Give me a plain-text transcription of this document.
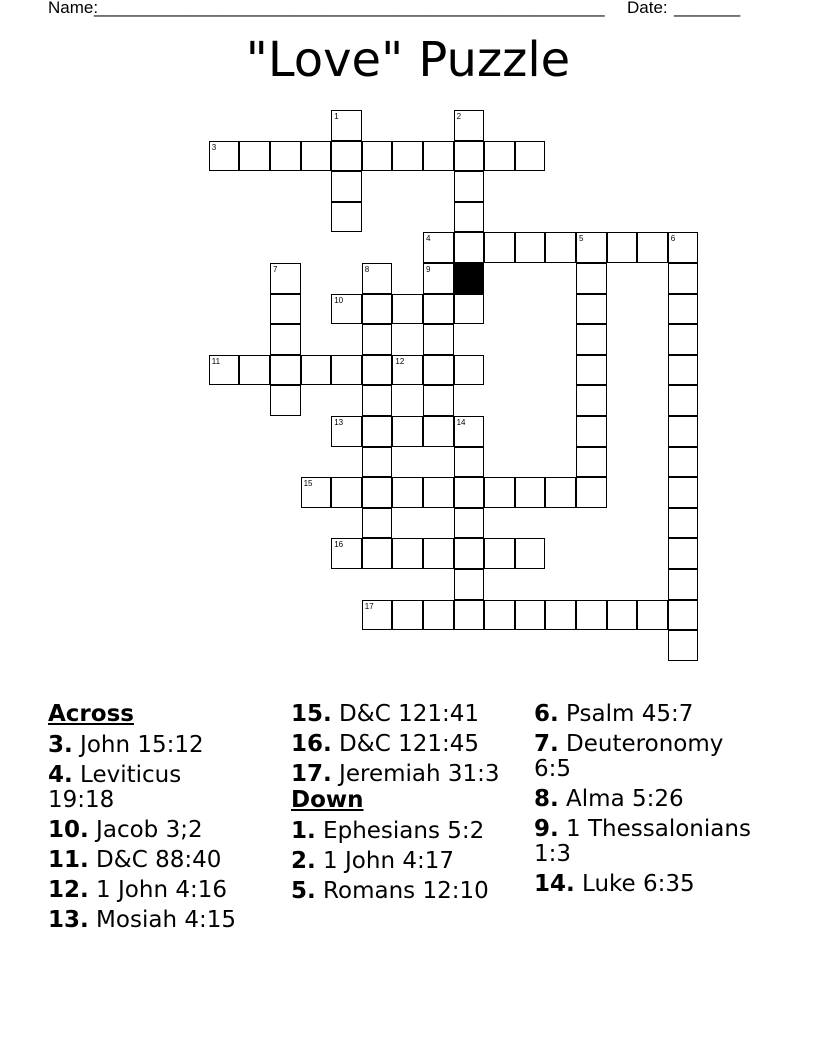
Name:
______________________________________________________ Date: _______
"Love" Puzzle
1	2
3
4	5	6
7	8	9
10
11	12
13	14
15
16
17
Across
3. John 15:12
4. Leviticus 19:18
10. Jacob 3;2
11. D&C 88:40
12. 1 John 4:16
13. Mosiah 4:15
15. D&C 121:41
16. D&C 121:45
17. Jeremiah 31:3
Down
1. Ephesians 5:2
2. 1 John 4:17
5. Romans 12:10
6. Psalm 45:7
7. Deuteronomy 6:5
8. Alma 5:26
9. 1 Thessalonians 1:3
14. Luke 6:35
